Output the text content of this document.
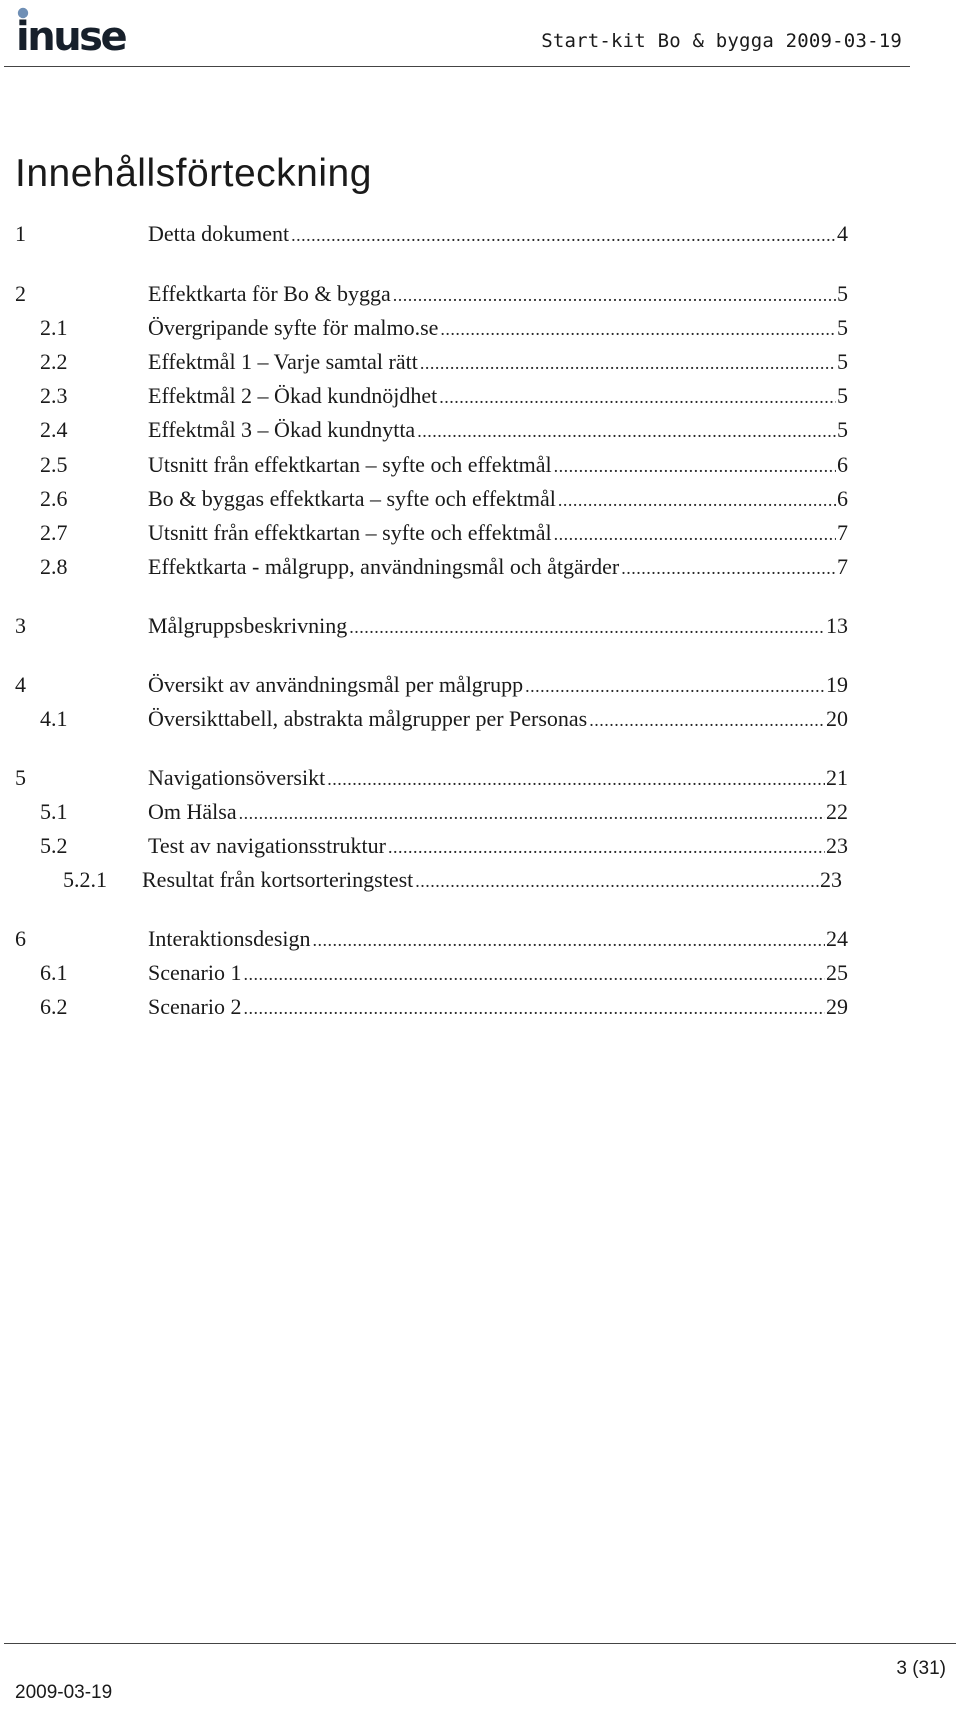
inuse	Start-kit Bo & bygga 2009-03-19
Innehållsförteckning
1	Detta dokument .....	4
2	Effektkarta för Bo & bygga .....	5
2.1	Övergripande syfte för malmo.se .....	5
2.2	Effektmål 1 – Varje samtal rätt .....	5
2.3	Effektmål 2 – Ökad kundnöjdhet .....	5
2.4	Effektmål 3 – Ökad kundnytta .....	5
2.5	Utsnitt från effektkartan – syfte och effektmål .....	6
2.6	Bo & byggas effektkarta – syfte och effektmål .....	6
2.7	Utsnitt från effektkartan – syfte och effektmål .....	7
2.8	Effektkarta - målgrupp, användningsmål och åtgärder .....	7
3	Målgruppsbeskrivning .....	13
4	Översikt av användningsmål per målgrupp .....	19
4.1	Översikttabell, abstrakta målgrupper per Personas .....	20
5	Navigationsöversikt .....	21
5.1	Om Hälsa .....	22
5.2	Test av navigationsstruktur .....	23
5.2.1 Resultat från kortsorteringstest .....	23
6	Interaktionsdesign .....	24
6.1	Scenario 1 .....	25
6.2	Scenario 2 .....	29
3 (31)
2009-03-19
